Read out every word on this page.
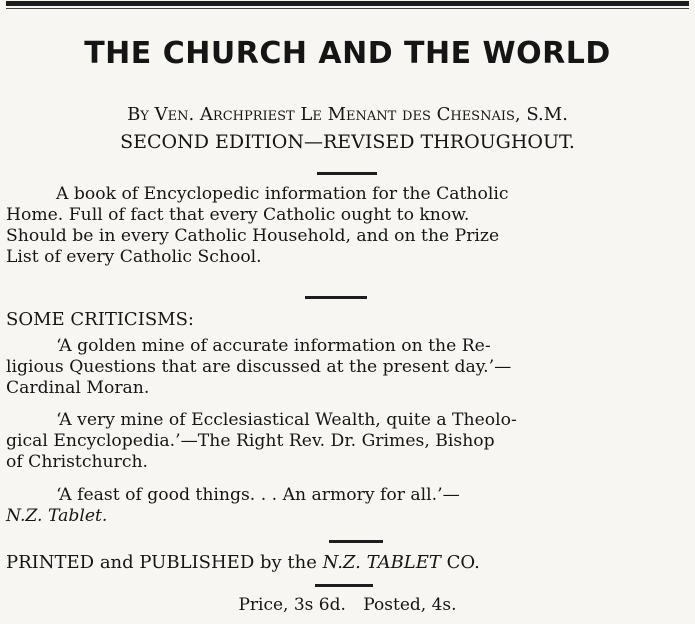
THE CHURCH AND THE WORLD
By Ven. Archpriest Le Menant des Chesnais, S.M.
SECOND EDITION—REVISED THROUGHOUT.
A book of Encyclopedic information for the Catholic
Home. Full of fact that every Catholic ought to know.
Should be in every Catholic Household, and on the Prize
List of every Catholic School.
SOME CRITICISMS:
‘A golden mine of accurate information on the Re-
ligious Questions that are discussed at the present day.’—
Cardinal Moran.
‘A very mine of Ecclesiastical Wealth, quite a Theolo-
gical Encyclopedia.’—The Right Rev. Dr. Grimes, Bishop
of Christchurch.
‘A feast of good things. . . An armory for all.’—
N.Z. Tablet.
PRINTED and PUBLISHED by the N.Z. TABLET CO.
Price, 3s 6d. Posted, 4s.
